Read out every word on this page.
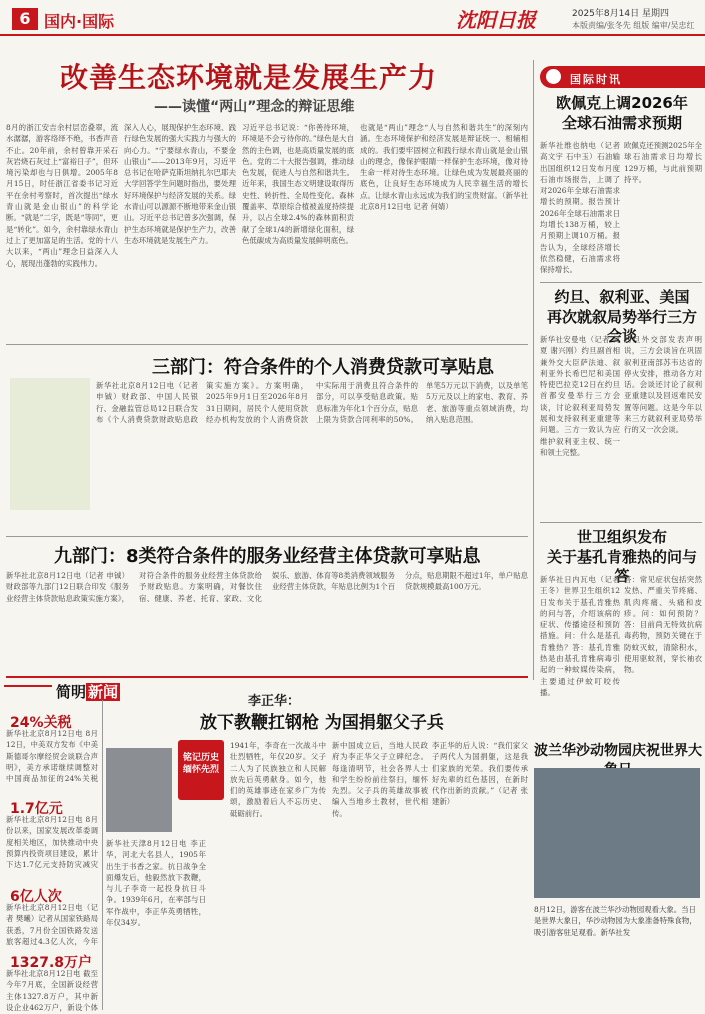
6 国内·国际	沈阳日报	2025年8月14日 星期四
本版责编/张冬先 组版 编审/吴忠红
改善生态环境就是发展生产力
——读懂“两山”理念的辩证思维
8月的浙江安吉余村层峦叠翠，流水潺潺，游客络绎不绝，书香声音不止。20年前，余村曾靠开采石灰岩烧石灰过上“富裕日子”，但环境污染却也与日俱增。2005年8月15日，时任浙江省委书记习近平在余村考察时，首次提出“绿水青山就是金山银山”的科学论断。“就是”二字，既是“等同”，更是“转化”。如今，余村靠绿水青山过上了更加富足的生活。党的十八大以来，“两山”理念日益深入人心，展现出蓬勃的实践伟力。
深入人心，展现保护生态环境、践行绿色发展的强大实践力与强大的向心力。“宁要绿水青山，不要金山银山”——2013年9月，习近平总书记在哈萨克斯坦纳扎尔巴耶夫大学回答学生问题时指出，要处理好环境保护与经济发展的关系。绿水青山可以源源不断地带来金山银山。习近平总书记曾多次强调，保护生态环境就是保护生产力，改善生态环境就是发展生产力。
习近平总书记说：“你善待环境，环境是不会亏待你的。”绿色是大自然的主色调，也是高质量发展的底色。党的二十大报告强调，推动绿色发展，促进人与自然和谐共生。近年来，我国生态文明建设取得历史性、转折性、全局性变化。森林覆盖率、草原综合植被盖度持续提升，以占全球2.4%的森林面积贡献了全球1/4的新增绿化面积，绿色低碳成为高质量发展鲜明底色。
也就是“两山”理念“人与自然和谐共生”的深刻内涵。生态环境保护和经济发展是辩证统一、相辅相成的。我们要牢固树立和践行绿水青山就是金山银山的理念，像保护眼睛一样保护生态环境，像对待生命一样对待生态环境。让绿色成为发展最亮丽的底色，让良好生态环境成为人民幸福生活的增长点。让绿水青山永远成为我们的宝贵财富。（新华社北京8月12日电 记者 何婧）
国际时讯
欧佩克上调2026年
全球石油需求预期
新华社维也纳电（记者 高文宇 石中玉）石油输出国组织12日发布月度石油市场报告，上调了对2026年全球石油需求增长的预期。报告预计2026年全球石油需求日均增长138万桶，较上月预期上调10万桶。报告认为，全球经济增长依然稳健，石油需求将保持增长。
欧佩克还预测2025年全球石油需求日均增长129万桶，与此前预期持平。
约旦、叙利亚、美国
再次就叙局势举行三方会谈
新华社安曼电（记者 何夏 谢兴刚）约旦副首相兼外交大臣萨法迪、叙利亚外长希巴尼和美国特使巴拉克12日在约旦首都安曼举行三方会谈，讨论叙利亚局势发展和支持叙利亚重建等问题。三方一致认为应维护叙利亚主权、统一和领土完整。
约旦外交部发表声明说，三方会谈旨在巩固叙利亚南部苏韦达省的停火安排，推动各方对话。会谈还讨论了叙利亚重建以及回返难民安置等问题。这是今年以来三方就叙利亚局势举行的又一次会谈。
世卫组织发布
关于基孔肯雅热的问与答
新华社日内瓦电（记者 王冬）世界卫生组织12日发布关于基孔肯雅热的问与答，介绍该病的症状、传播途径和预防措施。问：什么是基孔肯雅热？答：基孔肯雅热是由基孔肯雅病毒引起的一种蚊媒传染病，主要通过伊蚊叮咬传播。
答：常见症状包括突然发热、严重关节疼痛、肌肉疼痛、头痛和皮疹。问：如何预防？答：目前尚无特效抗病毒药物，预防关键在于防蚊灭蚊，清除积水，使用驱蚊剂，穿长袖衣物。
波兰华沙动物园庆祝世界大
8月12日，游客在波兰华沙动物园观看大象。当日是世界大象日，华沙动物园为大象准备特殊食物，吸引游客驻足观看。新华社发
三部门：符合条件的个人消费贷款可享贴息
新华社北京8月12日电（记者 申铖）财政部、中国人民银行、金融监管总局12日联合发布《个人消费贷款财政贴息政策实施方案》。方案明确，2025年9月1日至2026年8月31日期间，居民个人使用贷款经办机构发放的个人消费贷款中实际用于消费且符合条件的部分，可以享受贴息政策。贴息标准为年化1个百分点，贴息上限为贷款合同利率的50%。单笔5万元以下消费，以及单笔5万元及以上的家电、教育、养老、旅游等重点领域消费，均纳入贴息范围。
九部门：8类符合条件的服务业经营主体贷款可享贴息
新华社北京8月12日电（记者 申铖）财政部等九部门12日联合印发《服务业经营主体贷款贴息政策实施方案》，对符合条件的服务业经营主体贷款给予财政贴息。方案明确，对餐饮住宿、健康、养老、托育、家政、文化娱乐、旅游、体育等8类消费领域服务业经营主体贷款，年贴息比例为1个百分点，贴息期限不超过1年，单户贴息贷款规模最高100万元。
简明 新闻
24%关税
新华社北京8月12日电 8月12日，中美双方发布《中美斯德哥尔摩经贸会谈联合声明》，美方承诺继续调整对中国商品加征的24%关税
1.7亿元
新华社北京8月12日电 8月份以来，国家发展改革委调度相关地区，加快推动中央预算内投资项目建设，累计下达1.7亿元支持防灾减灾
6亿人次
新华社北京8月12日电（记者 樊曦）记者从国家铁路局获悉，7月份全国铁路发送旅客超过4.3亿人次，今年
1327.8万户
新华社北京8月12日电 截至今年7月底，全国新设经营主体1327.8万户，其中新设企业462万户，新设个体
李正华：
放下教鞭扛钢枪 为国捐躯父子兵
铭记历史缅怀先烈
新华社天津8月12日电 李正华，河北大名县人，1905年出生于书香之家。抗日战争全面爆发后，他毅然放下教鞭，与儿子李奇一起投身抗日斗争。1939年6月，在率部与日军作战中，李正华英勇牺牲，年仅34岁。
1941年，李奇在一次战斗中壮烈牺牲，年仅20岁。父子二人为了民族独立和人民解放先后英勇献身。如今，他们的英雄事迹在家乡广为传颂，激励着后人不忘历史、砥砺前行。
新中国成立后，当地人民政府为李正华父子立碑纪念。每逢清明节，社会各界人士和学生纷纷前往祭扫，缅怀先烈。父子兵的英雄故事被编入当地乡土教材，世代相传。
李正华的后人说：“我们家父子两代人为国捐躯，这是我们家族的光荣。我们要传承好先辈的红色基因，在新时代作出新的贡献。”（记者 张建新）
